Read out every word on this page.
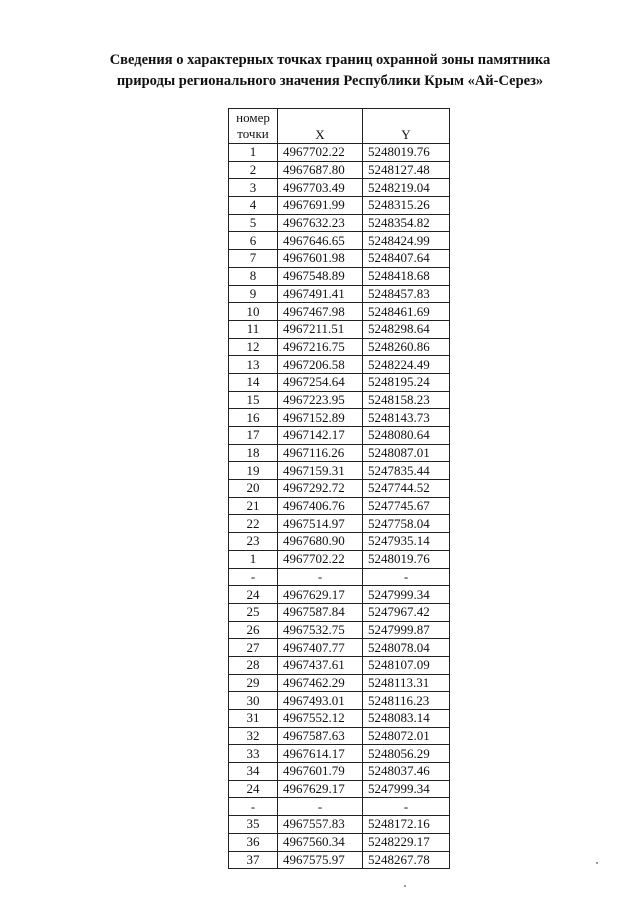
Сведения о характерных точках границ охранной зоны памятника
природы регионального значения Республики Крым «Ай-Серез»
номер точки	X	Y
1	4967702.22	5248019.76
2	4967687.80	5248127.48
3	4967703.49	5248219.04
4	4967691.99	5248315.26
5	4967632.23	5248354.82
6	4967646.65	5248424.99
7	4967601.98	5248407.64
8	4967548.89	5248418.68
9	4967491.41	5248457.83
10	4967467.98	5248461.69
11	4967211.51	5248298.64
12	4967216.75	5248260.86
13	4967206.58	5248224.49
14	4967254.64	5248195.24
15	4967223.95	5248158.23
16	4967152.89	5248143.73
17	4967142.17	5248080.64
18	4967116.26	5248087.01
19	4967159.31	5247835.44
20	4967292.72	5247744.52
21	4967406.76	5247745.67
22	4967514.97	5247758.04
23	4967680.90	5247935.14
1	4967702.22	5248019.76
-	-	-
24	4967629.17	5247999.34
25	4967587.84	5247967.42
26	4967532.75	5247999.87
27	4967407.77	5248078.04
28	4967437.61	5248107.09
29	4967462.29	5248113.31
30	4967493.01	5248116.23
31	4967552.12	5248083.14
32	4967587.63	5248072.01
33	4967614.17	5248056.29
34	4967601.79	5248037.46
24	4967629.17	5247999.34
-	-	-
35	4967557.83	5248172.16
36	4967560.34	5248229.17
37	4967575.97	5248267.78
